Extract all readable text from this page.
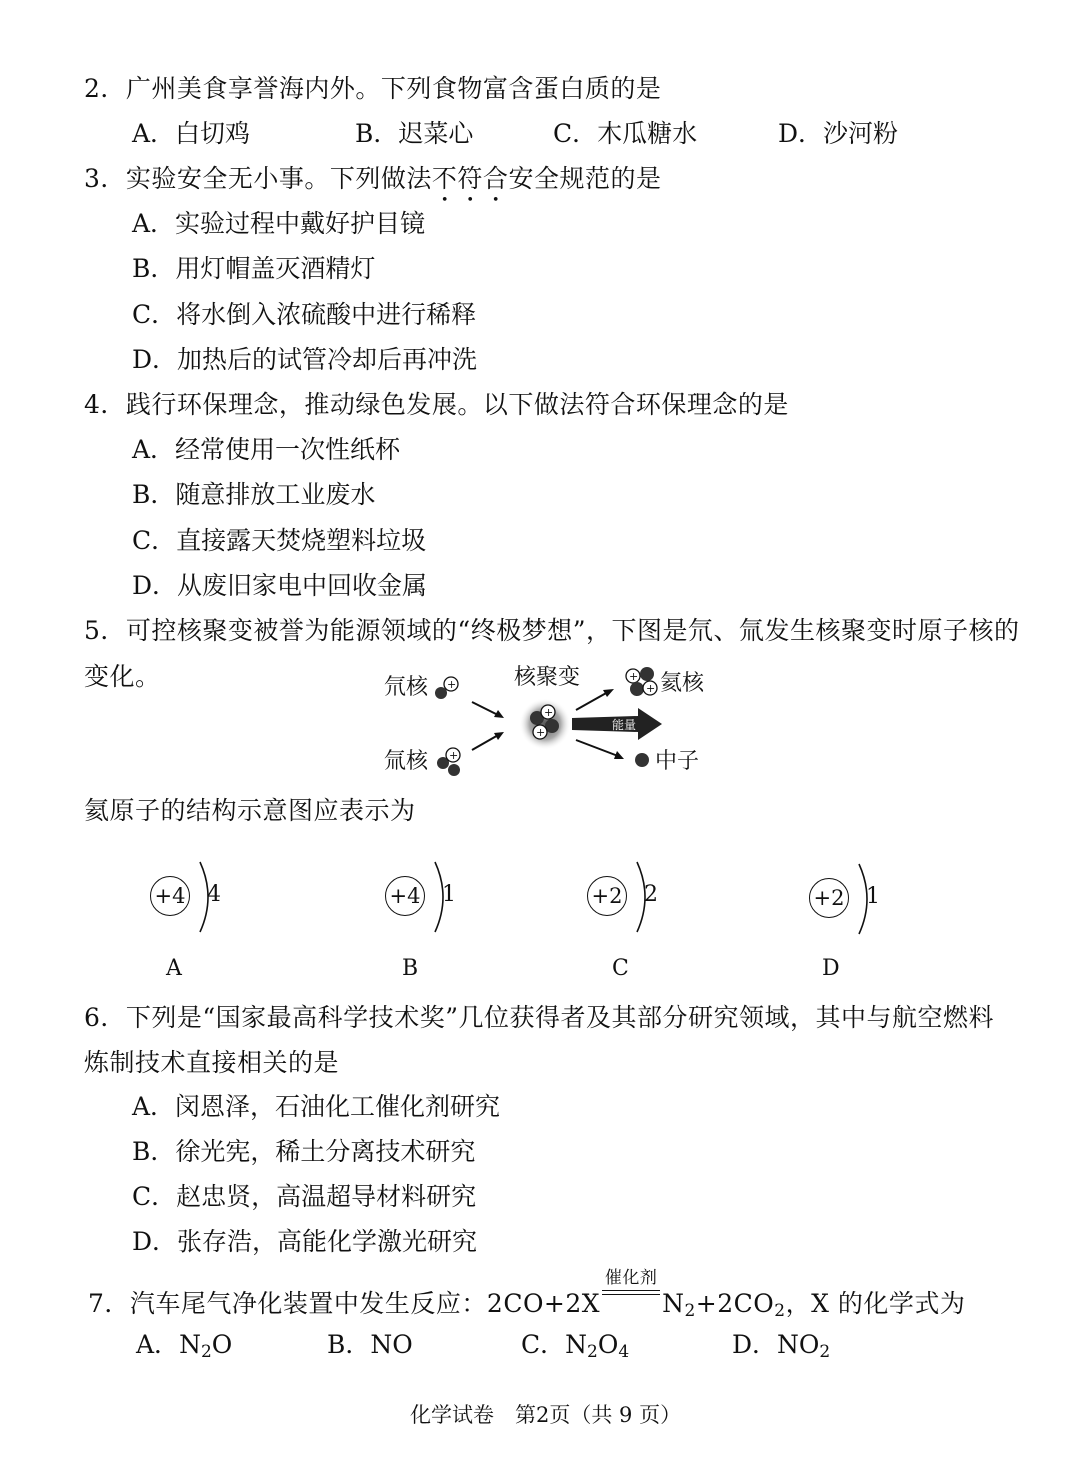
2．广州美食享誉海内外。下列食物富含蛋白质的是
A．白切鸡	B．迟菜心	C．木瓜糖水	D．沙河粉
3．实验安全无小事。下列做法不符合安全规范的是
A．实验过程中戴好护目镜
B．用灯帽盖灭酒精灯
C．将水倒入浓硫酸中进行稀释
D．加热后的试管冷却后再冲洗
4．践行环保理念，推动绿色发展。以下做法符合环保理念的是
A．经常使用一次性纸杯
B．随意排放工业废水
C．直接露天焚烧塑料垃圾
D．从废旧家电中回收金属
5．可控核聚变被誉为能源领域的“终极梦想”，下图是氘、氚发生核聚变时原子核的
变化。	氘核 +
氚核 +
核聚变
+
+
能量
+
+ 氦核
中子
氦原子的结构示意图应表示为
+4 4
A
+4 1
B
+2 2
C
+2 1
D
6．下列是“国家最高科学技术奖”几位获得者及其部分研究领域，其中与航空燃料
炼制技术直接相关的是
A．闵恩泽，石油化工催化剂研究
B．徐光宪，稀土分离技术研究
C．赵忠贤，高温超导材料研究
D．张存浩，高能化学激光研究
7．汽车尾气净化装置中发生反应：2CO+2X
催化剂
$N_2+2CO_2$，X 的化学式为
A．$N_2O$	B．NO	C．$N_2O_4$	D．$NO_2$
化学试卷　第2页（共 9 页）
